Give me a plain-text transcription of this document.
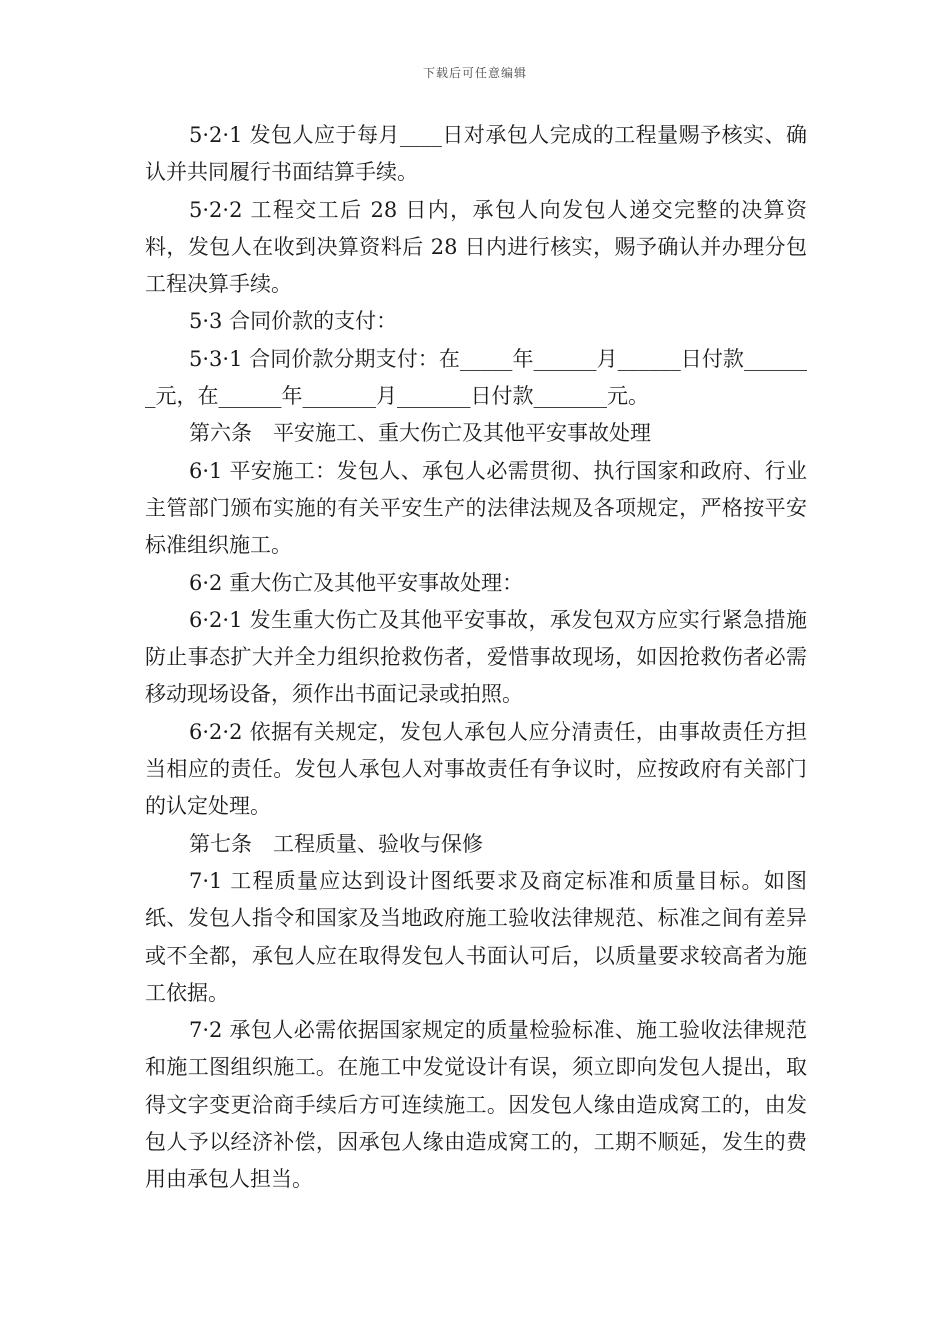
下载后可任意编辑

5·2·1 发包人应于每月____日对承包人完成的工程量赐予核实、确认并共同履行书面结算手续。

5·2·2 工程交工后 28 日内，承包人向发包人递交完整的决算资料，发包人在收到决算资料后 28 日内进行核实，赐予确认并办理分包工程决算手续。

5·3 合同价款的支付：

5·3·1 合同价款分期支付：在_____年______月______日付款_______元，在______年_______月_______日付款_______元。

第六条　平安施工、重大伤亡及其他平安事故处理

6·1 平安施工：发包人、承包人必需贯彻、执行国家和政府、行业主管部门颁布实施的有关平安生产的法律法规及各项规定，严格按平安标准组织施工。

6·2 重大伤亡及其他平安事故处理：

6·2·1 发生重大伤亡及其他平安事故，承发包双方应实行紧急措施防止事态扩大并全力组织抢救伤者，爱惜事故现场，如因抢救伤者必需移动现场设备，须作出书面记录或拍照。

6·2·2 依据有关规定，发包人承包人应分清责任，由事故责任方担当相应的责任。发包人承包人对事故责任有争议时，应按政府有关部门的认定处理。

第七条　工程质量、验收与保修

7·1 工程质量应达到设计图纸要求及商定标准和质量目标。如图纸、发包人指令和国家及当地政府施工验收法律规范、标准之间有差异或不全都，承包人应在取得发包人书面认可后，以质量要求较高者为施工依据。

7·2 承包人必需依据国家规定的质量检验标准、施工验收法律规范和施工图组织施工。在施工中发觉设计有误，须立即向发包人提出，取得文字变更洽商手续后方可连续施工。因发包人缘由造成窝工的，由发包人予以经济补偿，因承包人缘由造成窝工的，工期不顺延，发生的费用由承包人担当。
